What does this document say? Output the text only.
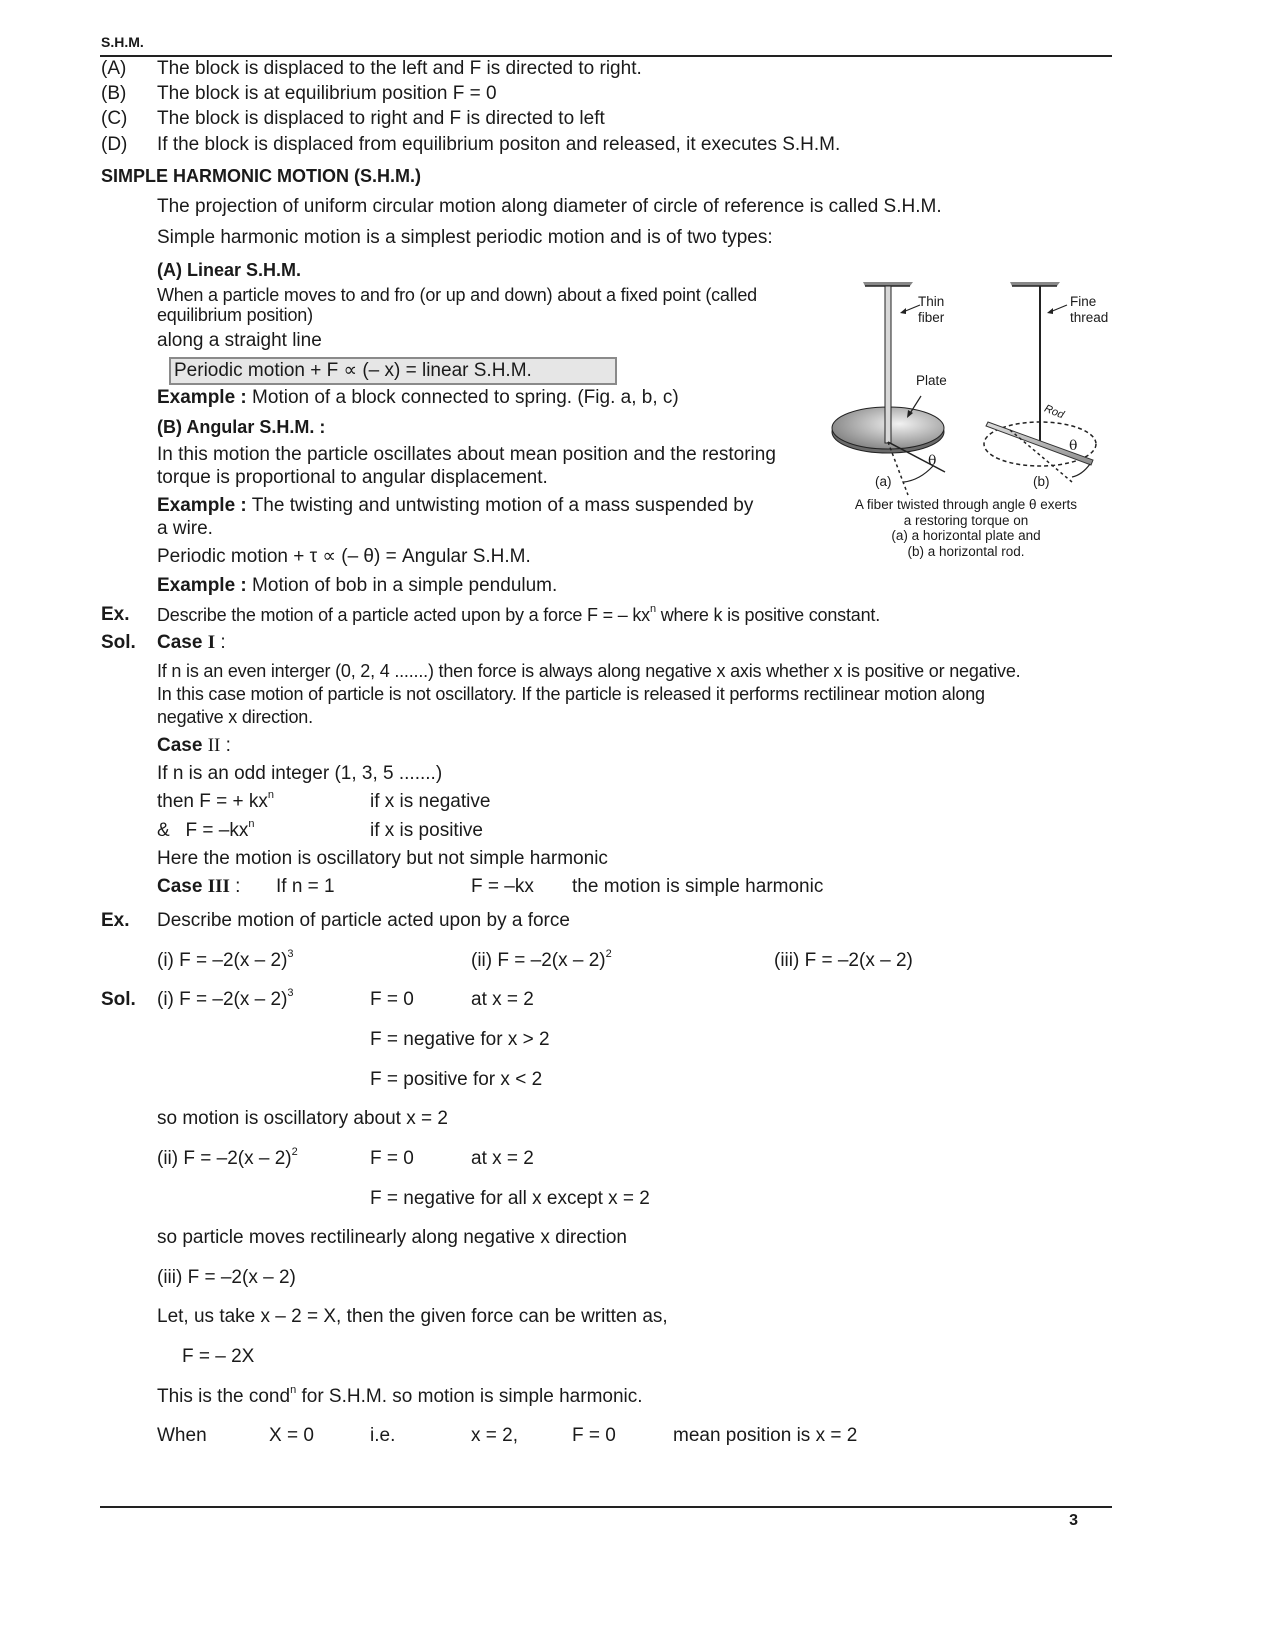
S.H.M.
(A) The block is displaced to the left and F is directed to right.
(B) The block is at equilibrium position F = 0
(C) The block is displaced to right and F is directed to left
(D) If the block is displaced from equilibrium positon and released, it executes S.H.M.
SIMPLE HARMONIC MOTION (S.H.M.)
The projection of uniform circular motion along diameter of circle of reference is called S.H.M.
Simple harmonic motion is a simplest periodic motion and is of two types:
(A) Linear S.H.M.
When a particle moves to and fro (or up and down) about a fixed point (called
equilibrium position)
along a straight line
Periodic motion + F ∝ (– x) = linear S.H.M.
Example : Motion of a block connected to spring. (Fig. a, b, c)
(B) Angular S.H.M. :
In this motion the particle oscillates about mean position and the restoring
torque is proportional to angular displacement.
Example : The twisting and untwisting motion of a mass suspended by
a wire.
Periodic motion + τ ∝ (– θ) = Angular S.H.M.
Example : Motion of bob in a simple pendulum.
Thin
fiber
Fine
thread
Plate
Rod
θ
θ
(a)	(b)
A fiber twisted through angle θ exerts
a restoring torque on
(a) a horizontal plate and
(b) a horizontal rod.
Ex. Describe the motion of a particle acted upon by a force F = – $kx^n$ where k is positive constant.
Sol. Case I :
If n is an even interger (0, 2, 4 .......) then force is always along negative x axis whether x is positive or negative.
In this case motion of particle is not oscillatory. If the particle is released it performs rectilinear motion along
negative x direction.
Case II :
If n is an odd integer (1, 3, 5 .......)
then F = + $kx^n$	if x is negative
&   $F = -kx^n$	if x is positive
Here the motion is oscillatory but not simple harmonic
Case III : If n = 1	F = –kx the motion is simple harmonic
Ex. Describe motion of particle acted upon by a force
(i) F = –2(x – 2)$^3$	(ii) F = –2(x – 2)$^2$	(iii) F = –2(x – 2)
Sol. (i) F = –2(x – 2)$^3$	F = 0	at x = 2
F = negative for x > 2
F = positive for x < 2
so motion is oscillatory about x = 2
(ii) F = –2(x – 2)$^2$	F = 0	at x = 2
F = negative for all x except x = 2
so particle moves rectilinearly along negative x direction
(iii) F = –2(x – 2)
Let, us take x – 2 = X, then the given force can be written as,
F = – 2X
This is the cond$^n$ for S.H.M. so motion is simple harmonic.
When	X = 0	i.e.	x = 2,	F = 0	mean position is x = 2
3
